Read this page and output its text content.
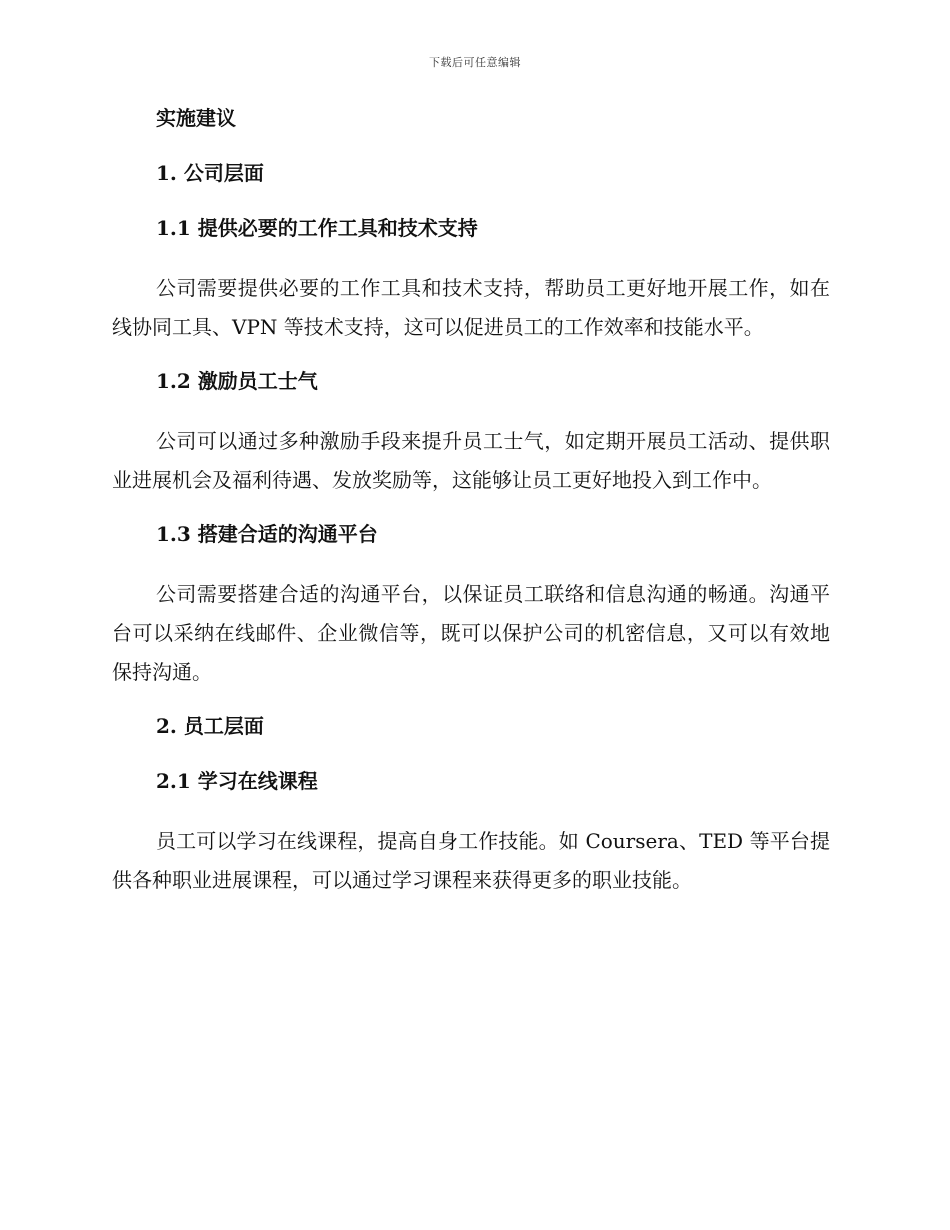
下载后可任意编辑
实施建议
1. 公司层面
1.1 提供必要的工作工具和技术支持

公司需要提供必要的工作工具和技术支持，帮助员工更好地开展工作，如在线协同工具、VPN 等技术支持，这可以促进员工的工作效率和技能水平。

1.2 激励员工士气

公司可以通过多种激励手段来提升员工士气，如定期开展员工活动、提供职业进展机会及福利待遇、发放奖励等，这能够让员工更好地投入到工作中。

1.3 搭建合适的沟通平台

公司需要搭建合适的沟通平台，以保证员工联络和信息沟通的畅通。沟通平台可以采纳在线邮件、企业微信等，既可以保护公司的机密信息，又可以有效地保持沟通。

2. 员工层面
2.1 学习在线课程

员工可以学习在线课程，提高自身工作技能。如 Coursera、TED 等平台提供各种职业进展课程，可以通过学习课程来获得更多的职业技能。
